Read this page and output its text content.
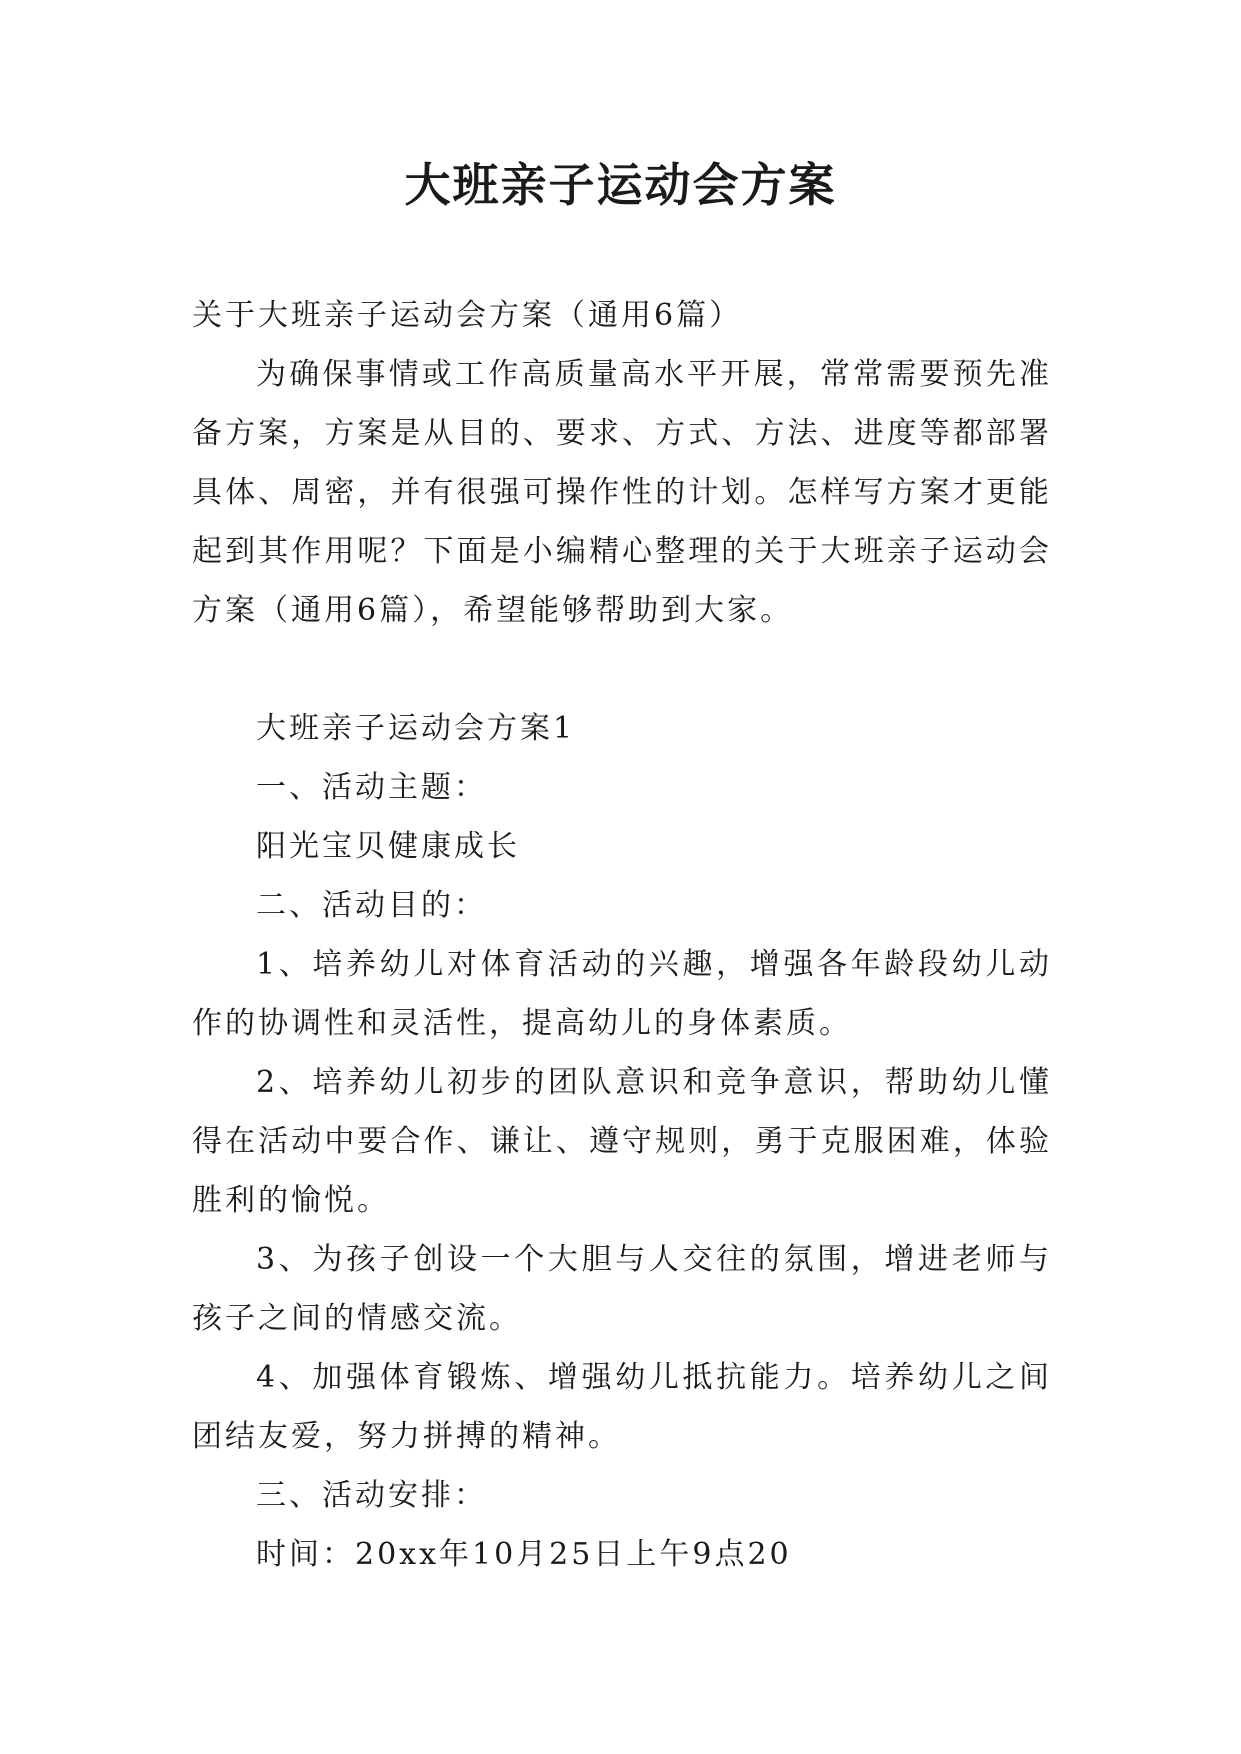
大班亲子运动会方案

关于大班亲子运动会方案（通用6篇）

为确保事情或工作高质量高水平开展，常常需要预先准备方案，方案是从目的、要求、方式、方法、进度等都部署具体、周密，并有很强可操作性的计划。怎样写方案才更能起到其作用呢？下面是小编精心整理的关于大班亲子运动会方案（通用6篇），希望能够帮助到大家。

大班亲子运动会方案1

一、活动主题：

阳光宝贝健康成长

二、活动目的：

1、培养幼儿对体育活动的兴趣，增强各年龄段幼儿动作的协调性和灵活性，提高幼儿的身体素质。

2、培养幼儿初步的团队意识和竞争意识，帮助幼儿懂得在活动中要合作、谦让、遵守规则，勇于克服困难，体验胜利的愉悦。

3、为孩子创设一个大胆与人交往的氛围，增进老师与孩子之间的情感交流。

4、加强体育锻炼、增强幼儿抵抗能力。培养幼儿之间团结友爱，努力拼搏的精神。

三、活动安排：

时间：20xx年10月25日上午9点20
